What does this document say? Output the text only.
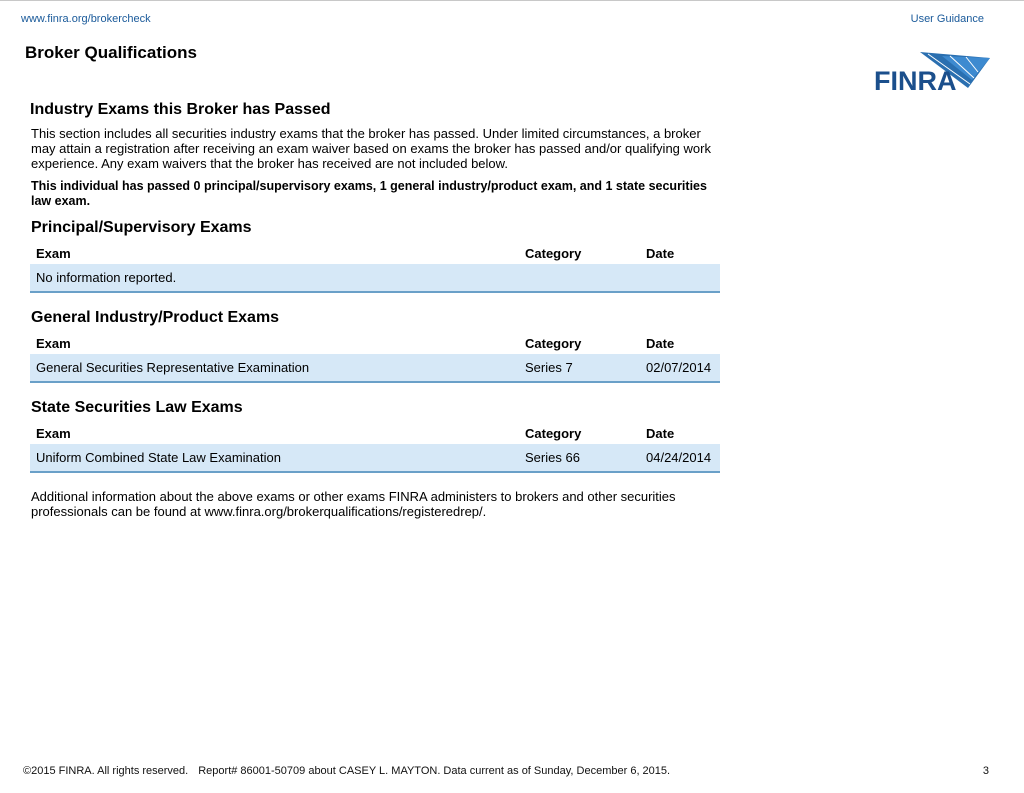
www.finra.org/brokercheck	User Guidance
Broker Qualifications
FINRA
Industry Exams this Broker has Passed

This section includes all securities industry exams that the broker has passed. Under limited circumstances, a broker may attain a registration after receiving an exam waiver based on exams the broker has passed and/or qualifying work experience. Any exam waivers that the broker has received are not included below.

This individual has passed 0 principal/supervisory exams, 1 general industry/product exam, and 1 state securities law exam.

Principal/Supervisory Exams
Exam	Category	Date
No information reported.		
General Industry/Product Exams
Exam	Category	Date
General Securities Representative Examination	Series 7	02/07/2014
State Securities Law Exams
Exam	Category	Date
Uniform Combined State Law Examination	Series 66	04/24/2014

Additional information about the above exams or other exams FINRA administers to brokers and other securities professionals can be found at www.finra.org/brokerqualifications/registeredrep/.

©2015 FINRA. All rights reserved. Report# 86001-50709 about CASEY L. MAYTON. Data current as of Sunday, December 6, 2015.	3
